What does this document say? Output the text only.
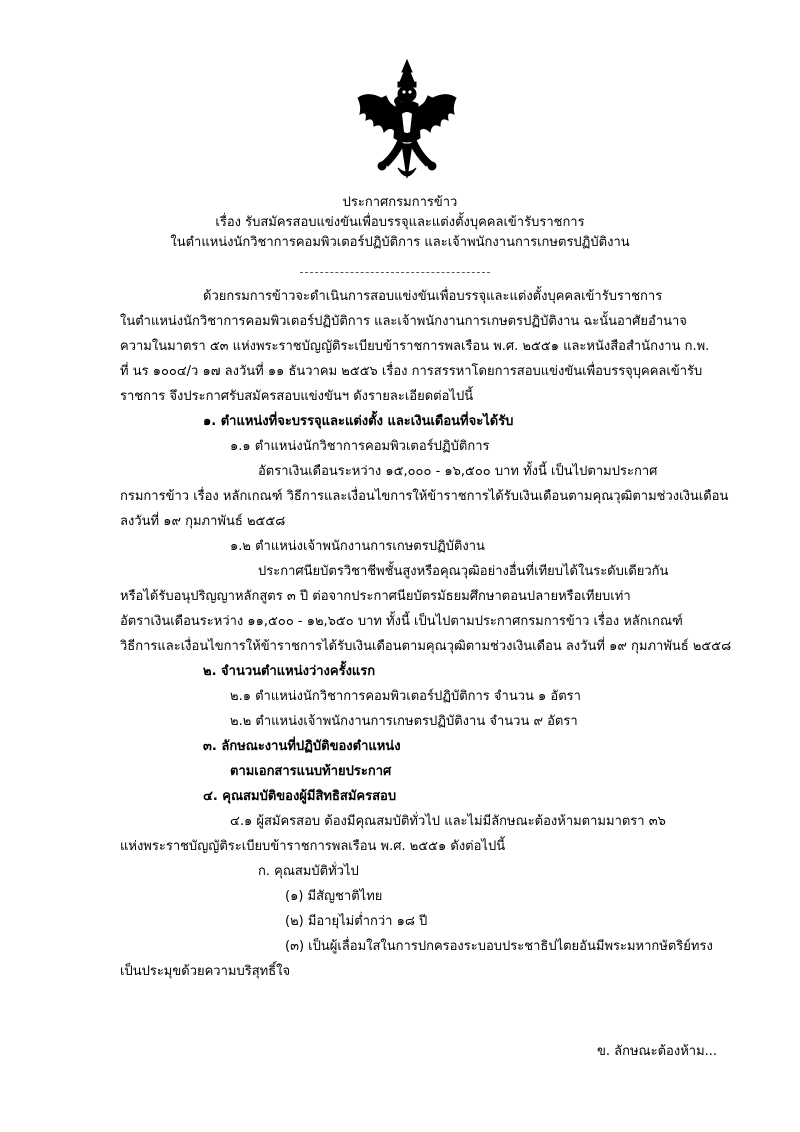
ประกาศกรมการข้าว
เรื่อง รับสมัครสอบแข่งขันเพื่อบรรจุและแต่งตั้งบุคคลเข้ารับราชการ
ในตำแหน่งนักวิชาการคอมพิวเตอร์ปฏิบัติการ และเจ้าพนักงานการเกษตรปฏิบัติงาน
ด้วยกรมการข้าวจะดำเนินการสอบแข่งขันเพื่อบรรจุและแต่งตั้งบุคคลเข้ารับราชการ
ในตำแหน่งนักวิชาการคอมพิวเตอร์ปฏิบัติการ และเจ้าพนักงานการเกษตรปฏิบัติงาน ฉะนั้นอาศัยอำนาจ
ความในมาตรา ๕๓ แห่งพระราชบัญญัติระเบียบข้าราชการพลเรือน พ.ศ. ๒๕๕๑ และหนังสือสำนักงาน ก.พ.
ที่ นร ๑๐๐๔/ว ๑๗ ลงวันที่ ๑๑ ธันวาคม ๒๕๕๖ เรื่อง การสรรหาโดยการสอบแข่งขันเพื่อบรรจุบุคคลเข้ารับ
ราชการ จึงประกาศรับสมัครสอบแข่งขันฯ ดังรายละเอียดต่อไปนี้
๑. ตำแหน่งที่จะบรรจุและแต่งตั้ง และเงินเดือนที่จะได้รับ
๑.๑ ตำแหน่งนักวิชาการคอมพิวเตอร์ปฏิบัติการ
อัตราเงินเดือนระหว่าง ๑๕,๐๐๐ - ๑๖,๕๐๐ บาท ทั้งนี้ เป็นไปตามประกาศ
กรมการข้าว เรื่อง หลักเกณฑ์ วิธีการและเงื่อนไขการให้ข้าราชการได้รับเงินเดือนตามคุณวุฒิตามช่วงเงินเดือน
ลงวันที่ ๑๙ กุมภาพันธ์ ๒๕๕๘
๑.๒ ตำแหน่งเจ้าพนักงานการเกษตรปฏิบัติงาน
ประกาศนียบัตรวิชาชีพชั้นสูงหรือคุณวุฒิอย่างอื่นที่เทียบได้ในระดับเดียวกัน
หรือได้รับอนุปริญญาหลักสูตร ๓ ปี ต่อจากประกาศนียบัตรมัธยมศึกษาตอนปลายหรือเทียบเท่า
อัตราเงินเดือนระหว่าง ๑๑,๕๐๐ - ๑๒,๖๕๐ บาท ทั้งนี้ เป็นไปตามประกาศกรมการข้าว เรื่อง หลักเกณฑ์
วิธีการและเงื่อนไขการให้ข้าราชการได้รับเงินเดือนตามคุณวุฒิตามช่วงเงินเดือน ลงวันที่ ๑๙ กุมภาพันธ์ ๒๕๕๘
๒. จำนวนตำแหน่งว่างครั้งแรก
๒.๑ ตำแหน่งนักวิชาการคอมพิวเตอร์ปฏิบัติการ จำนวน ๑ อัตรา
๒.๒ ตำแหน่งเจ้าพนักงานการเกษตรปฏิบัติงาน จำนวน ๙ อัตรา
๓. ลักษณะงานที่ปฏิบัติของตำแหน่ง
ตามเอกสารแนบท้ายประกาศ
๔. คุณสมบัติของผู้มีสิทธิสมัครสอบ
๔.๑ ผู้สมัครสอบ ต้องมีคุณสมบัติทั่วไป และไม่มีลักษณะต้องห้ามตามมาตรา ๓๖
แห่งพระราชบัญญัติระเบียบข้าราชการพลเรือน พ.ศ. ๒๕๕๑ ดังต่อไปนี้
ก. คุณสมบัติทั่วไป
(๑) มีสัญชาติไทย
(๒) มีอายุไม่ต่ำกว่า ๑๘ ปี
(๓) เป็นผู้เลื่อมใสในการปกครองระบอบประชาธิปไตยอันมีพระมหากษัตริย์ทรง
เป็นประมุขด้วยความบริสุทธิ์ใจ
ข. ลักษณะต้องห้าม...
